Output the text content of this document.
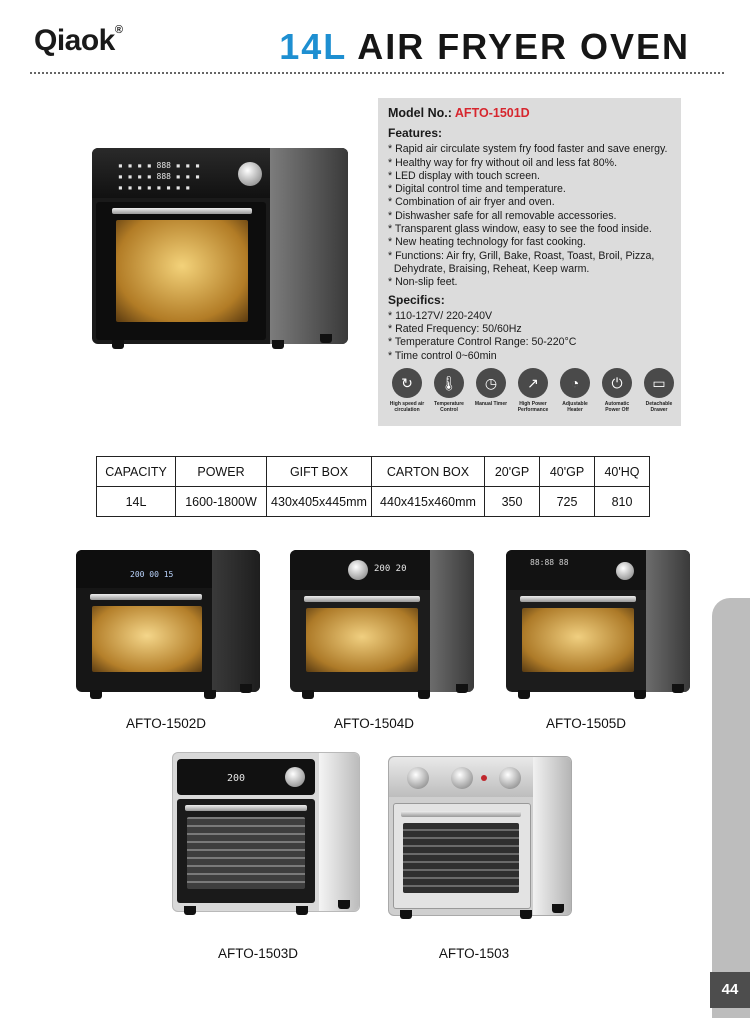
Qiaok®	14L AIR FRYER OVEN
▪ ▪ ▪ ▪ 888 ▪ ▪ ▪
▪ ▪ ▪ ▪ 888 ▪ ▪ ▪
▪ ▪ ▪ ▪ ▪ ▪ ▪ ▪
Model No.: AFTO-1501D
Features:
* Rapid air circulate system fry food faster and save energy.
* Healthy way for fry without oil and less fat 80%.
* LED display with touch screen.
* Digital control time and temperature.
* Combination of air fryer and oven.
* Dishwasher safe for all removable accessories.
* Transparent glass window, easy to see the food inside.
* New heating technology for fast cooking.
* Functions: Air fry, Grill, Bake, Roast, Toast, Broil, Pizza,
Dehydrate, Braising, Reheat, Keep warm.
* Non-slip feet.
Specifics:
* 110-127V/ 220-240V
* Rated Frequency: 50/60Hz
* Temperature Control Range: 50-220°C
* Time control 0~60min
↻
High speed air circulation
🌡
Temperature Control
◷
Manual Timer
↗
High Power Performance
◔
Adjustable Heater
⏻
Automatic Power Off
▭
Detachable Drawer
CAPACITY	POWER	GIFT BOX	CARTON BOX	20'GP	40'GP	40'HQ
14L	1600-1800W	430x405x445mm	440x415x460mm	350	725	810
200 00 15
AFTO-1502D
200 20
AFTO-1504D
88:88 88
AFTO-1505D
200
AFTO-1503D	AFTO-1503
44
